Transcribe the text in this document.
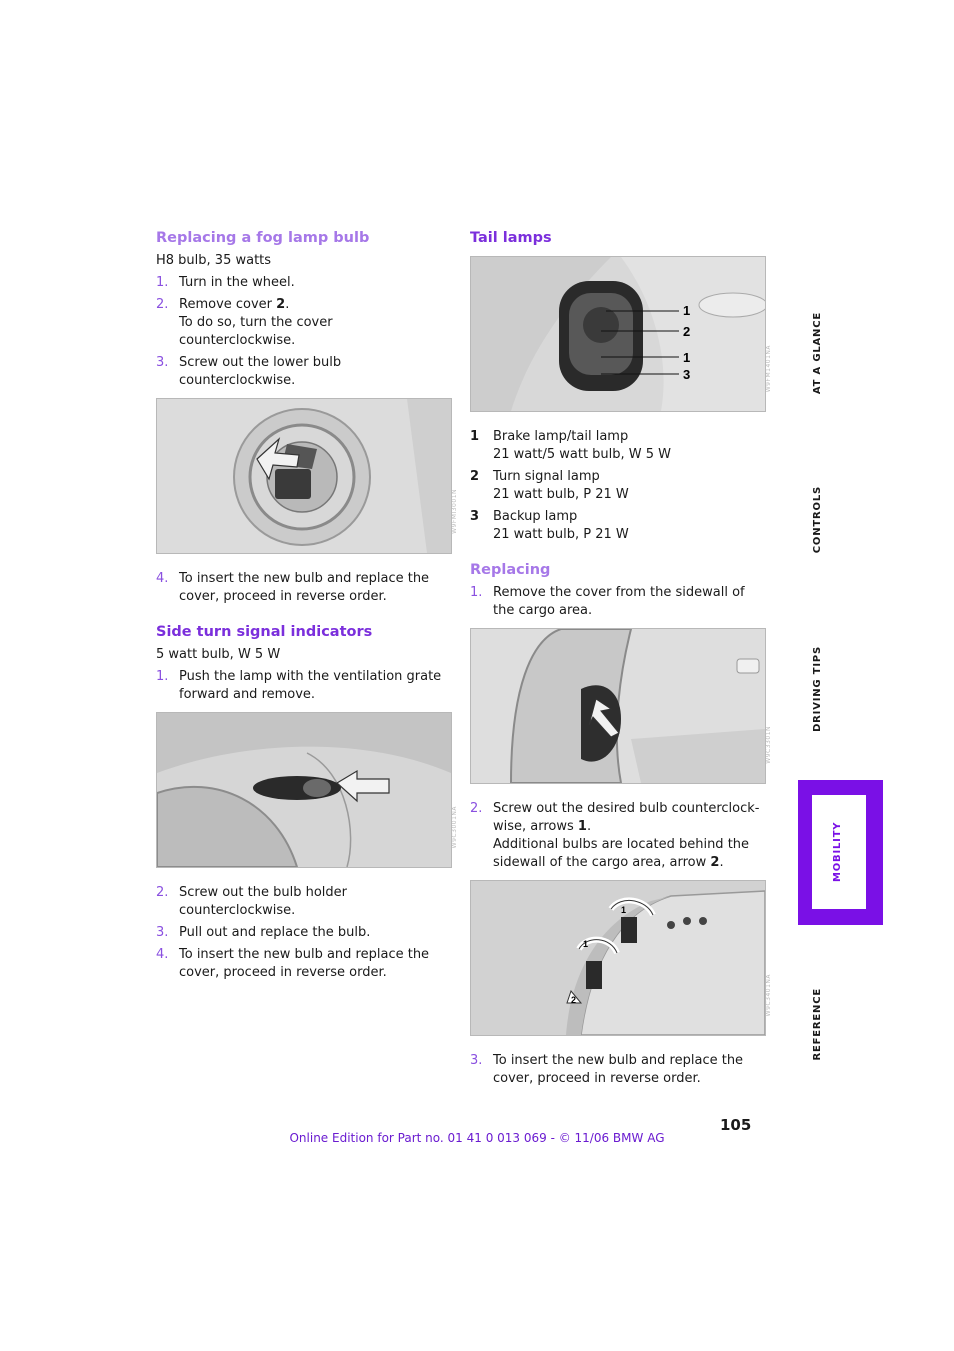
Replacing a fog lamp bulb

H8 bulb, 35 watts

1. Turn in the wheel.
2. Remove cover 2.
To do so, turn the cover counterclockwise.
3. Screw out the lower bulb counterclockwise.
W9FMI3001N
4. To insert the new bulb and replace the cover, proceed in reverse order.
Side turn signal indicators

5 watt bulb, W 5 W

1. Push the lamp with the ventilation grate forward and remove.
W9C3001NA
2. Screw out the bulb holder counterclockwise.
3. Pull out and replace the bulb.
4. To insert the new bulb and replace the cover, proceed in reverse order.
Tail lamps
1
2
1
3	W9FM1401NA
1 Brake lamp/tail lamp
21 watt/5 watt bulb, W 5 W
2 Turn signal lamp
21 watt bulb, P 21 W
3 Backup lamp
21 watt bulb, P 21 W
Replacing
1. Remove the cover from the sidewall of the cargo area.
W9C3301N
2. Screw out the desired bulb counterclock-wise, arrows 1.
Additional bulbs are located behind the sidewall of the cargo area, arrow 2.
1
1
2	W9C3401NA
3. To insert the new bulb and replace the cover, proceed in reverse order.
AT A GLANCE
CONTROLS
DRIVING TIPS
MOBILITY
REFERENCE
105
Online Edition for Part no. 01 41 0 013 069 - © 11/06 BMW AG
